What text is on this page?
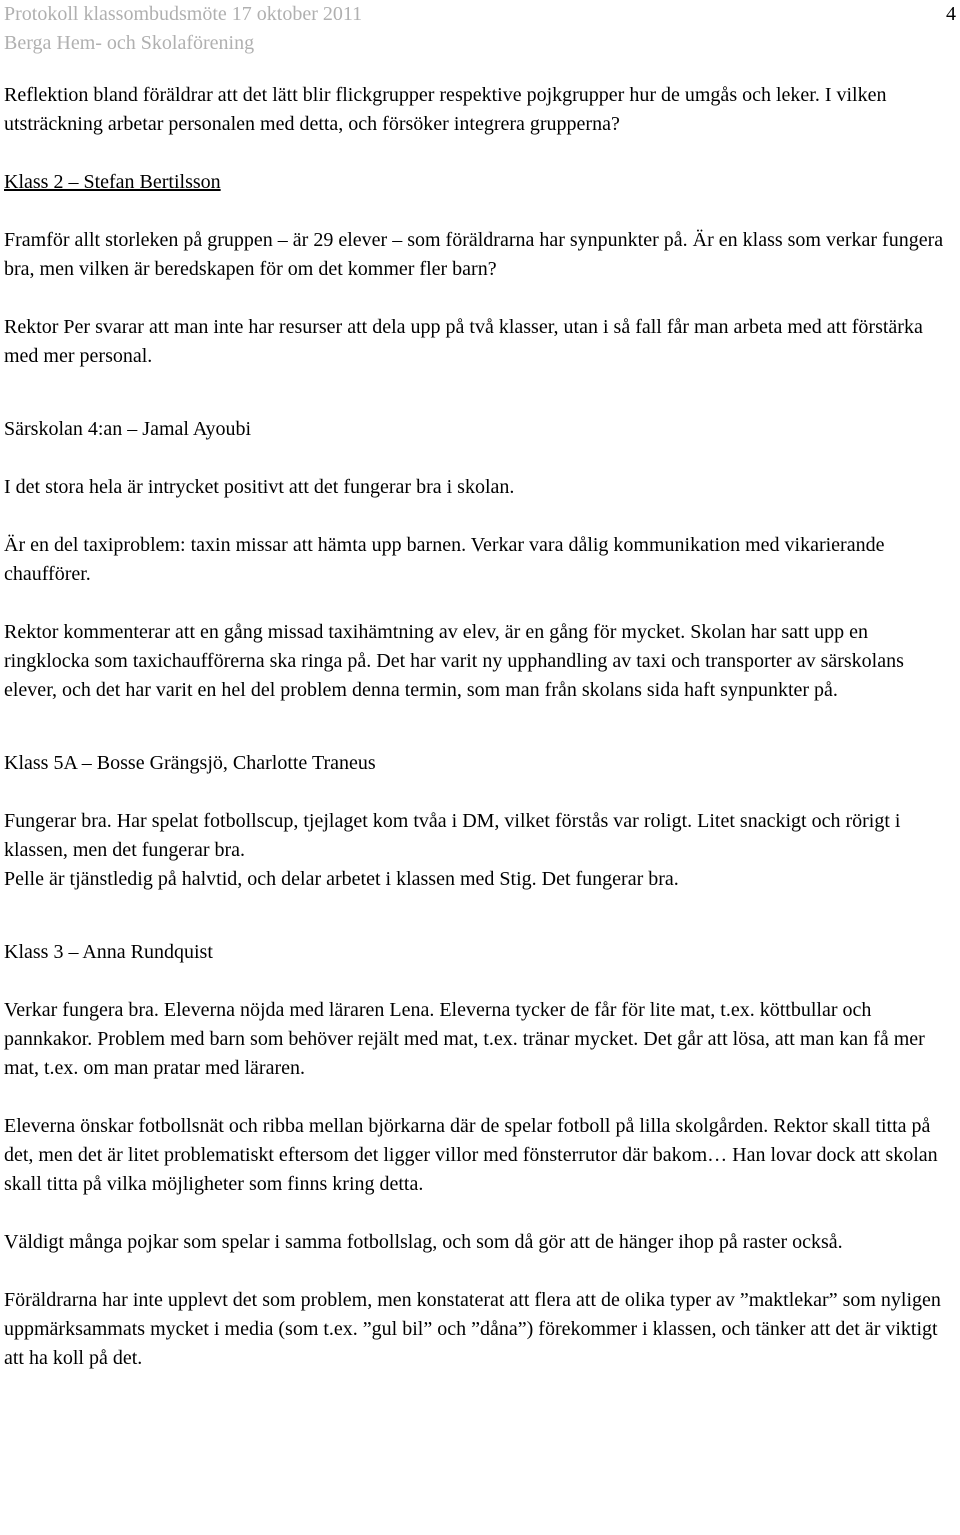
Protokoll klassombudsmöte 17 oktober 2011
Berga Hem- och Skolaförening
4

Reflektion bland föräldrar att det lätt blir flickgrupper respektive pojkgrupper hur de umgås och leker. I vilken utsträckning arbetar personalen med detta, och försöker integrera grupperna?

Klass 2 – Stefan Bertilsson

Framför allt storleken på gruppen – är 29 elever – som föräldrarna har synpunkter på. Är en klass som verkar fungera bra, men vilken är beredskapen för om det kommer fler barn?

Rektor Per svarar att man inte har resurser att dela upp på två klasser, utan i så fall får man arbeta med att förstärka med mer personal.

Särskolan 4:an – Jamal Ayoubi

I det stora hela är intrycket positivt att det fungerar bra i skolan.

Är en del taxiproblem: taxin missar att hämta upp barnen. Verkar vara dålig kommunikation med vikarierande chaufförer.

Rektor kommenterar att en gång missad taxihämtning av elev, är en gång för mycket. Skolan har satt upp en ringklocka som taxichaufförerna ska ringa på. Det har varit ny upphandling av taxi och transporter av särskolans elever, och det har varit en hel del problem denna termin, som man från skolans sida haft synpunkter på.

Klass 5A – Bosse Grängsjö, Charlotte Traneus

Fungerar bra. Har spelat fotbollscup, tjejlaget kom tvåa i DM, vilket förstås var roligt. Litet snackigt och rörigt i klassen, men det fungerar bra.

Pelle är tjänstledig på halvtid, och delar arbetet i klassen med Stig. Det fungerar bra.

Klass 3 – Anna Rundquist

Verkar fungera bra. Eleverna nöjda med läraren Lena. Eleverna tycker de får för lite mat, t.ex. köttbullar och pannkakor. Problem med barn som behöver rejält med mat, t.ex. tränar mycket. Det går att lösa, att man kan få mer mat, t.ex. om man pratar med läraren.

Eleverna önskar fotbollsnät och ribba mellan björkarna där de spelar fotboll på lilla skolgården. Rektor skall titta på det, men det är litet problematiskt eftersom det ligger villor med fönsterrutor där bakom… Han lovar dock att skolan skall titta på vilka möjligheter som finns kring detta.

Väldigt många pojkar som spelar i samma fotbollslag, och som då gör att de hänger ihop på raster också.

Föräldrarna har inte upplevt det som problem, men konstaterat att flera att de olika typer av ”maktlekar” som nyligen uppmärksammats mycket i media (som t.ex. ”gul bil” och ”dåna”) förekommer i klassen, och tänker att det är viktigt att ha koll på det.
